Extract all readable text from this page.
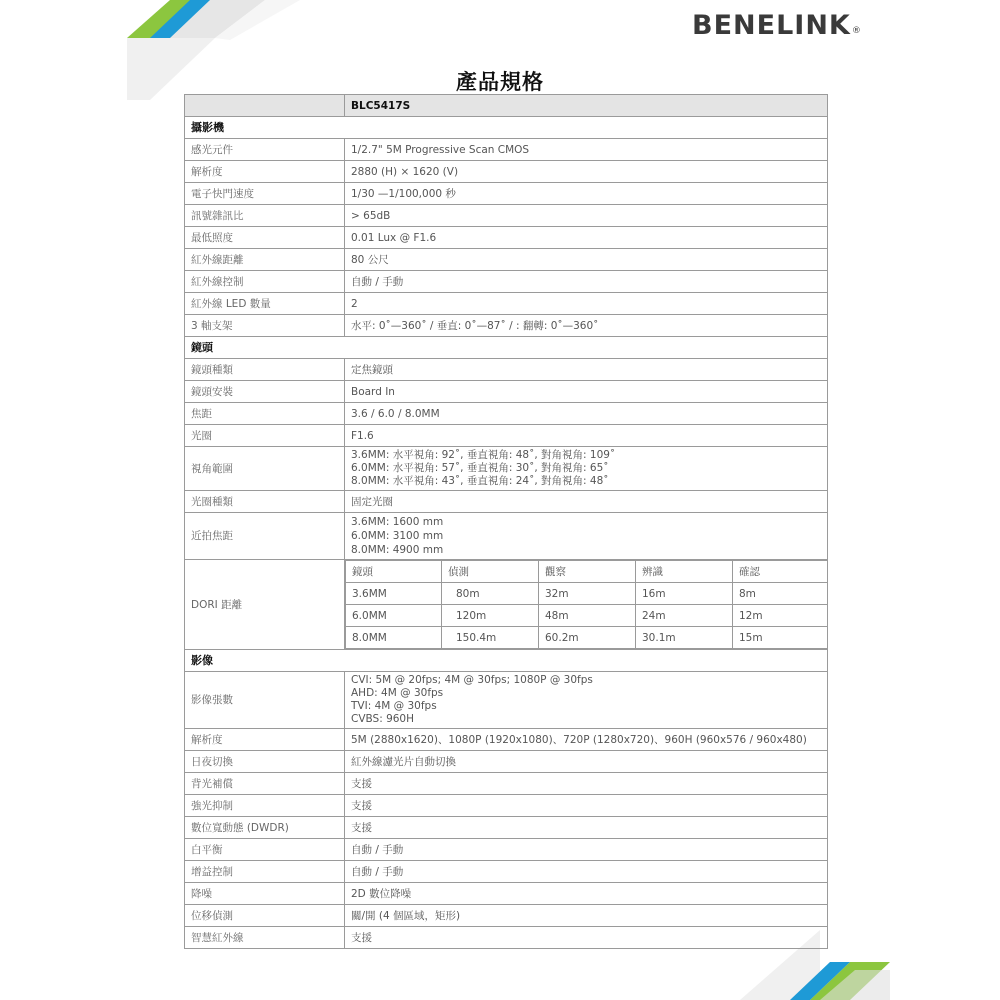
BENELINK®
產品規格
	BLC5417S
攝影機
感光元件	1/2.7" 5M Progressive Scan CMOS
解析度	2880 (H) × 1620 (V)
電子快門速度	1/30 —1/100,000 秒
訊號雜訊比	> 65dB
最低照度	0.01 Lux @ F1.6
紅外線距離	80 公尺
紅外線控制	自動 / 手動
紅外線 LED 數量	2
3 軸支架	水平: 0˚—360˚ / 垂直: 0˚—87˚ / : 翻轉: 0˚—360˚
鏡頭
鏡頭種類	定焦鏡頭
鏡頭安裝	Board In
焦距	3.6 / 6.0 / 8.0MM
光圈	F1.6
視角範圍	
3.6MM: 水平視角: 92˚, 垂直視角: 48˚, 對角視角: 109˚
6.0MM: 水平視角: 57˚, 垂直視角: 30˚, 對角視角: 65˚
8.0MM: 水平視角: 43˚, 垂直視角: 24˚, 對角視角: 48˚

光圈種類	固定光圈
近拍焦距	
3.6MM: 1600 mm
6.0MM: 3100 mm
8.0MM: 4900 mm

DORI 距離	
鏡頭	偵測	觀察	辨識	確認
3.6MM	80m	32m	16m	8m
6.0MM	120m	48m	24m	12m
8.0MM	150.4m	60.2m	30.1m	15m

影像
影像張數	
CVI: 5M @ 20fps; 4M @ 30fps; 1080P @ 30fps
AHD: 4M @ 30fps
TVI: 4M @ 30fps
CVBS: 960H

解析度	5M (2880x1620)、1080P (1920x1080)、720P (1280x720)、960H (960x576 / 960x480)
日夜切換	紅外線濾光片自動切換
背光補償	支援
強光抑制	支援
數位寬動態 (DWDR)	支援
白平衡	自動 / 手動
增益控制	自動 / 手動
降噪	2D 數位降噪
位移偵測	關/開 (4 個區域，矩形)
智慧紅外線	支援
